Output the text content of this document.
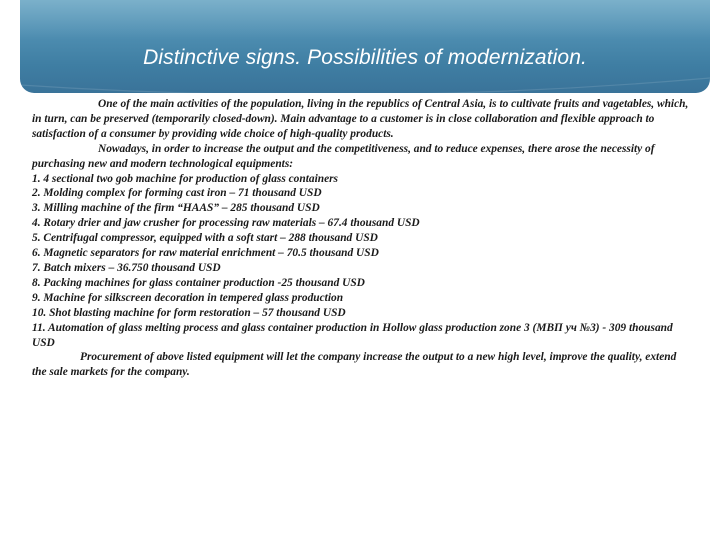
Distinctive signs. Possibilities of modernization.

One of the main activities of the population, living in the republics of Central Asia, is to cultivate fruits and vagetables, which, in turn, can be preserved (temporarily closed-down). Main advantage to a customer is in close collaboration and flexible approach to satisfaction of a consumer by providing wide choice of high-quality products.

Nowadays, in order to increase the output and the competitiveness, and to reduce expenses, there arose the necessity of purchasing new and modern technological equipments:

1. 4 sectional two gob machine for production of glass containers

2. Molding complex for forming cast iron – 71 thousand USD

3. Milling machine of the firm “HAAS” – 285 thousand USD

4. Rotary drier and jaw crusher for processing raw materials – 67.4 thousand USD

5. Centrifugal compressor, equipped with a soft start – 288 thousand USD

6. Magnetic separators for raw material enrichment – 70.5 thousand USD

7. Batch mixers – 36.750 thousand USD

8. Packing machines for glass container production -25 thousand USD

9. Machine for silkscreen decoration in tempered glass production

10. Shot blasting machine for form restoration – 57 thousand USD

11. Automation of glass melting process and glass container production in Hollow glass production zone 3 (МВП уч №3) - 309 thousand USD

Procurement of above listed equipment will let the company increase the output to a new high level, improve the quality, extend the sale markets for the company.
